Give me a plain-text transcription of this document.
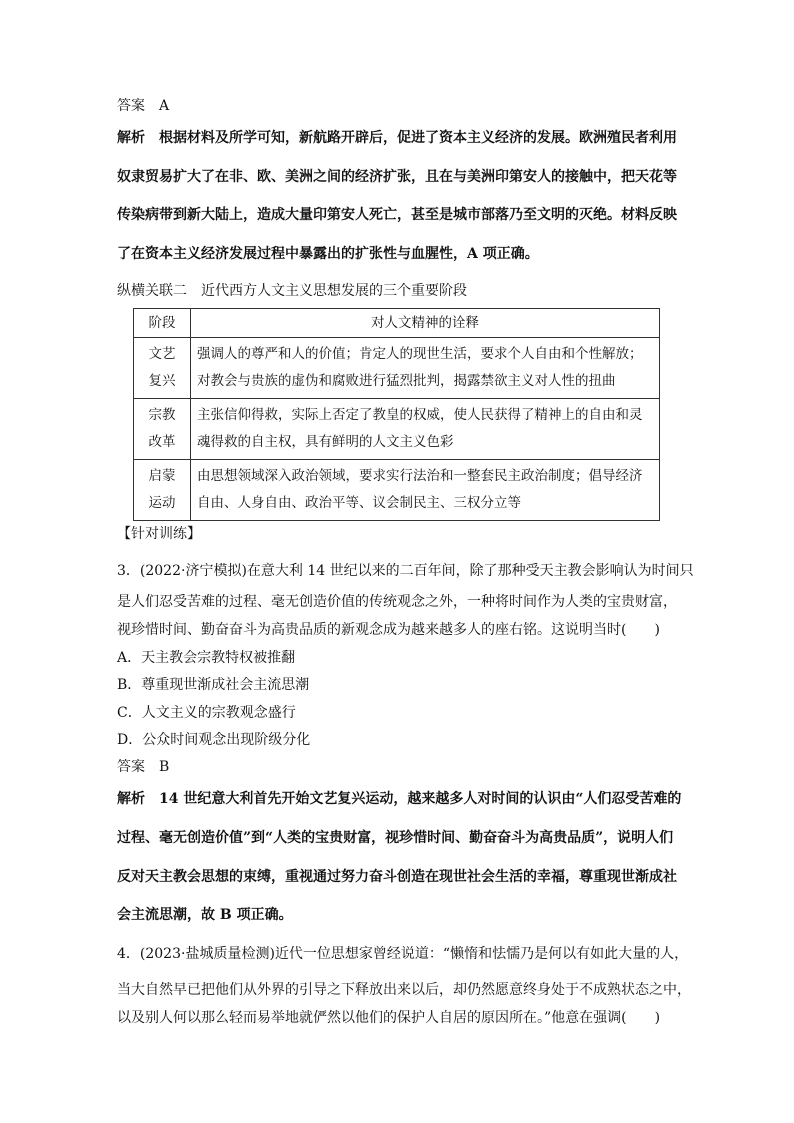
答案 A
解析 根据材料及所学可知，新航路开辟后，促进了资本主义经济的发展。欧洲殖民者利用
奴隶贸易扩大了在非、欧、美洲之间的经济扩张，且在与美洲印第安人的接触中，把天花等
传染病带到新大陆上，造成大量印第安人死亡，甚至是城市部落乃至文明的灭绝。材料反映
了在资本主义经济发展过程中暴露出的扩张性与血腥性，A 项正确。
纵横关联二　近代西方人文主义思想发展的三个重要阶段
阶段	对人文精神的诠释

文艺
复兴	强调人的尊严和人的价值；肯定人的现世生活，要求个人自由和个性解放；
对教会与贵族的虚伪和腐败进行猛烈批判，揭露禁欲主义对人性的扭曲

宗教
改革	主张信仰得救，实际上否定了教皇的权威，使人民获得了精神上的自由和灵
魂得救的自主权，具有鲜明的人文主义色彩

启蒙
运动	由思想领域深入政治领域，要求实行法治和一整套民主政治制度；倡导经济
自由、人身自由、政治平等、议会制民主、三权分立等
【针对训练】
3．(2022·济宁模拟)在意大利 14 世纪以来的二百年间，除了那种受天主教会影响认为时间只
是人们忍受苦难的过程、毫无创造价值的传统观念之外，一种将时间作为人类的宝贵财富，
视珍惜时间、勤奋奋斗为高贵品质的新观念成为越来越多人的座右铭。这说明当时(　　)
A．天主教会宗教特权被推翻
B．尊重现世渐成社会主流思潮
C．人文主义的宗教观念盛行
D．公众时间观念出现阶级分化
答案 B
解析 14 世纪意大利首先开始文艺复兴运动，越来越多人对时间的认识由“人们忍受苦难的
过程、毫无创造价值”到“人类的宝贵财富，视珍惜时间、勤奋奋斗为高贵品质”，说明人们
反对天主教会思想的束缚，重视通过努力奋斗创造在现世社会生活的幸福，尊重现世渐成社
会主流思潮，故 B 项正确。
4．(2023·盐城质量检测)近代一位思想家曾经说道：“懒惰和怯懦乃是何以有如此大量的人，
当大自然早已把他们从外界的引导之下释放出来以后，却仍然愿意终身处于不成熟状态之中，
以及别人何以那么轻而易举地就俨然以他们的保护人自居的原因所在。”他意在强调(　　)
